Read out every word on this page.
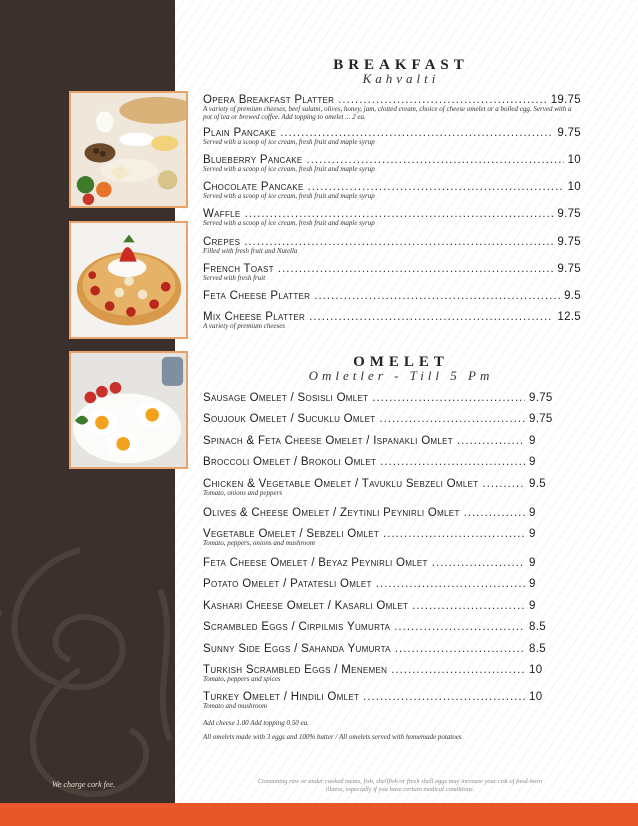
We charge cork fee.
BREAKFAST
Kahvalti
Opera Breakfast Platter .....	19.75
A variety of premium cheeses, beef salami, olives, honey, jam, clotted cream, choice of cheese omelet or a boiled egg. Served with a pot of tea or brewed coffee. Add topping to omelet ... 2 ea.
Plain Pancake .....	9.75
Served with a scoop of ice cream, fresh fruit and maple syrup
Blueberry Pancake .....	10
Served with a scoop of ice cream, fresh fruit and maple syrup
Chocolate Pancake .....	10
Served with a scoop of ice cream, fresh fruit and maple syrup
Waffle .....	9.75
Served with a scoop of ice cream, fresh fruit and maple syrup
Crepes .....	9.75
Filled with fresh fruit and Nutella
French Toast .....	9.75
Served with fresh fruit
Feta Cheese Platter .....	9.5
Mix Cheese Platter .....	12.5
A variety of premium cheeses
OMELET
Omletler - Till 5 Pm
Sausage Omelet / Sosisli Omlet .....	9.75
Soujouk Omelet / Sucuklu Omlet .....	9.75
Spinach & Feta Cheese Omelet / Ispanakli Omlet .....	9
Broccoli Omelet / Brokoli Omlet .....	9
Chicken & Vegetable Omelet / Tavuklu Sebzeli Omlet .....	9.5
Tomato, onions and peppers
Olives & Cheese Omelet / Zeytinli Peynirli Omlet .....	9
Vegetable Omelet / Sebzeli Omlet .....	9
Tomato, peppers, onions and mushroom
Feta Cheese Omelet / Beyaz Peynirli Omlet .....	9
Potato Omelet / Patatesli Omlet .....	9
Kashari Cheese Omelet / Kasarli Omlet .....	9
Scrambled Eggs / Cirpilmis Yumurta .....	8.5
Sunny Side Eggs / Sahanda Yumurta .....	8.5
Turkish Scrambled Eggs / Menemen .....	10
Tomato, peppers and spices
Turkey Omelet / Hindili Omlet .....	10
Tomato and mushroom
Add cheese 1.00 Add topping 0.50 ea.
All omelets made with 3 eggs and 100% butter / All omelets served with homemade potatoes
Consuming raw or under cooked meats, fish, shellfish or fresh shell eggs may increase your risk of food-born illness, especially if you have certain medical conditions.
